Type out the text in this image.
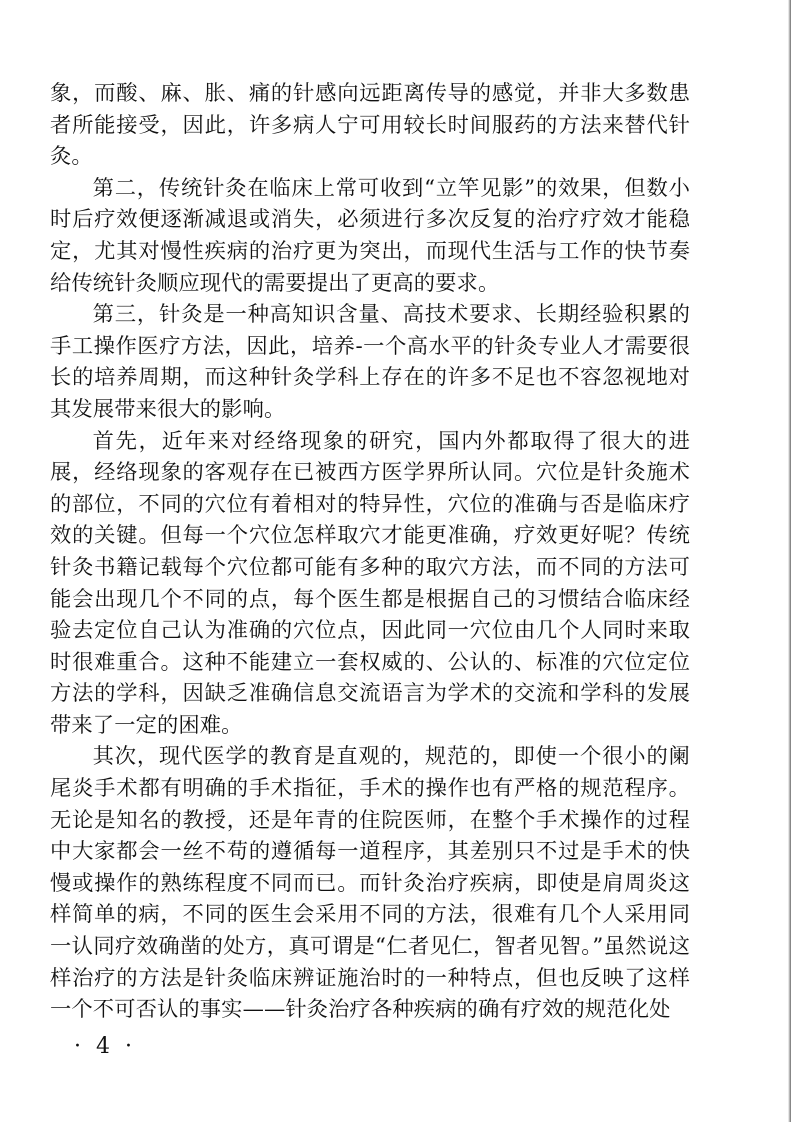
象，而酸、麻、胀、痛的针感向远距离传导的感觉，并非大多数患者所能接受，因此，许多病人宁可用较长时间服药的方法来替代针灸。

第二，传统针灸在临床上常可收到“立竿见影”的效果，但数小时后疗效便逐渐减退或消失，必须进行多次反复的治疗疗效才能稳定，尤其对慢性疾病的治疗更为突出，而现代生活与工作的快节奏给传统针灸顺应现代的需要提出了更高的要求。

第三，针灸是一种高知识含量、高技术要求、长期经验积累的手工操作医疗方法，因此，培养-一个高水平的针灸专业人才需要很长的培养周期，而这种针灸学科上存在的许多不足也不容忽视地对其发展带来很大的影响。

首先，近年来对经络现象的研究，国内外都取得了很大的进展，经络现象的客观存在已被西方医学界所认同。穴位是针灸施术的部位，不同的穴位有着相对的特异性，穴位的准确与否是临床疗效的关键。但每一个穴位怎样取穴才能更准确，疗效更好呢？传统针灸书籍记载每个穴位都可能有多种的取穴方法，而不同的方法可能会出现几个不同的点，每个医生都是根据自己的习惯结合临床经验去定位自己认为准确的穴位点，因此同一穴位由几个人同时来取时很难重合。这种不能建立一套权威的、公认的、标准的穴位定位方法的学科，因缺乏准确信息交流语言为学术的交流和学科的发展带来了一定的困难。

其次，现代医学的教育是直观的，规范的，即使一个很小的阑尾炎手术都有明确的手术指征，手术的操作也有严格的规范程序。无论是知名的教授，还是年青的住院医师，在整个手术操作的过程中大家都会一丝不苟的遵循每一道程序，其差别只不过是手术的快慢或操作的熟练程度不同而已。而针灸治疗疾病，即使是肩周炎这样简单的病，不同的医生会采用不同的方法，很难有几个人采用同一认同疗效确凿的处方，真可谓是“仁者见仁，智者见智。”虽然说这样治疗的方法是针灸临床辨证施治时的一种特点，但也反映了这样一个不可否认的事实——针灸治疗各种疾病的确有疗效的规范化处

· 4 ·
